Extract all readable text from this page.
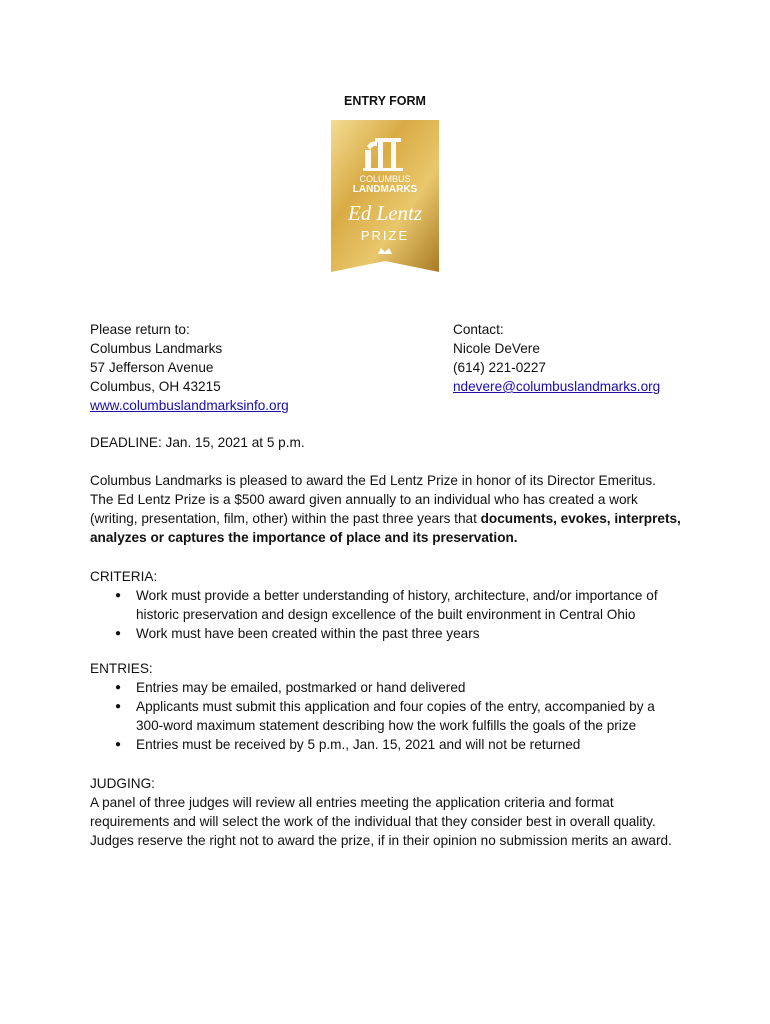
ENTRY FORM
COLUMBUS
LANDMARKS
Ed Lentz
PRIZE
Please return to:
Columbus Landmarks
57 Jefferson Avenue
Columbus, OH 43215
www.columbuslandmarksinfo.org
Contact:
Nicole DeVere
(614) 221-0227
ndevere@columbuslandmarks.org
DEADLINE: Jan. 15, 2021 at 5 p.m.
Columbus Landmarks is pleased to award the Ed Lentz Prize in honor of its Director Emeritus. The Ed Lentz Prize is a $500 award given annually to an individual who has created a work (writing, presentation, film, other) within the past three years that documents, evokes, interprets, analyzes or captures the importance of place and its preservation.
CRITERIA:
● Work must provide a better understanding of history, architecture, and/or importance of historic preservation and design excellence of the built environment in Central Ohio
● Work must have been created within the past three years
ENTRIES:
● Entries may be emailed, postmarked or hand delivered
● Applicants must submit this application and four copies of the entry, accompanied by a 300-word maximum statement describing how the work fulfills the goals of the prize
● Entries must be received by 5 p.m., Jan. 15, 2021 and will not be returned
JUDGING:

A panel of three judges will review all entries meeting the application criteria and format requirements and will select the work of the individual that they consider best in overall quality. Judges reserve the right not to award the prize, if in their opinion no submission merits an award.
